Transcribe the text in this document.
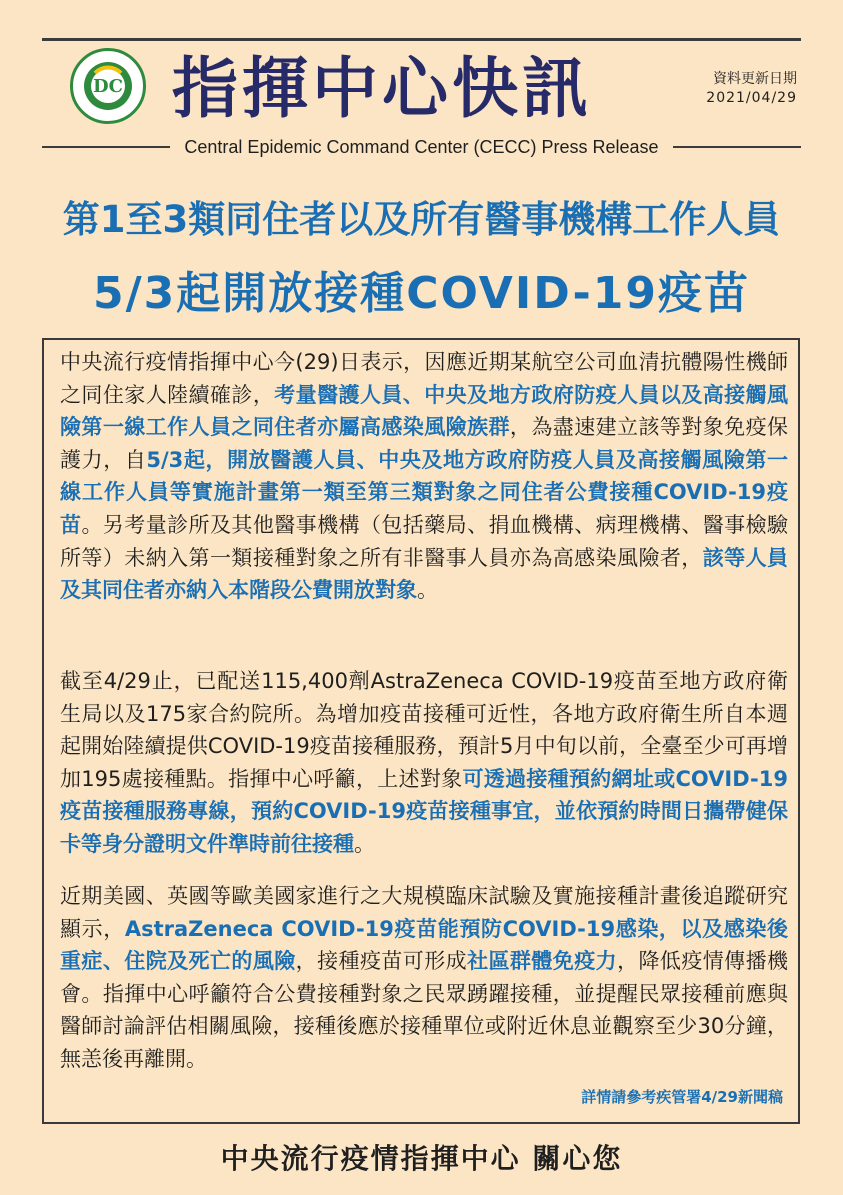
DC 指揮中心快訊	資料更新日期
2021/04/29
Central Epidemic Command Center (CECC) Press Release
第1至3類同住者以及所有醫事機構工作人員
5/3起開放接種COVID-19疫苗
中央流行疫情指揮中心今(29)日表示，因應近期某航空公司血清抗體陽性機師之同住家人陸續確診，考量醫護人員、中央及地方政府防疫人員以及高接觸風險第一線工作人員之同住者亦屬高感染風險族群，為盡速建立該等對象免疫保護力，自5/3起，開放醫護人員、中央及地方政府防疫人員及高接觸風險第一線工作人員等實施計畫第一類至第三類對象之同住者公費接種COVID-19疫苗。另考量診所及其他醫事機構（包括藥局、捐血機構、病理機構、醫事檢驗所等）未納入第一類接種對象之所有非醫事人員亦為高感染風險者，該等人員及其同住者亦納入本階段公費開放對象。
截至4/29止，已配送115,400劑AstraZeneca COVID-19疫苗至地方政府衛生局以及175家合約院所。為增加疫苗接種可近性，各地方政府衛生所自本週起開始陸續提供COVID-19疫苗接種服務，預計5月中旬以前，全臺至少可再增加195處接種點。指揮中心呼籲，上述對象可透過接種預約網址或COVID-19疫苗接種服務專線，預約COVID-19疫苗接種事宜，並依預約時間日攜帶健保卡等身分證明文件準時前往接種。
近期美國、英國等歐美國家進行之大規模臨床試驗及實施接種計畫後追蹤研究顯示，AstraZeneca COVID-19疫苗能預防COVID-19感染，以及感染後重症、住院及死亡的風險，接種疫苗可形成社區群體免疫力，降低疫情傳播機會。指揮中心呼籲符合公費接種對象之民眾踴躍接種，並提醒民眾接種前應與醫師討論評估相關風險，接種後應於接種單位或附近休息並觀察至少30分鐘，無恙後再離開。
詳情請參考疾管署4/29新聞稿
中央流行疫情指揮中心 關心您
